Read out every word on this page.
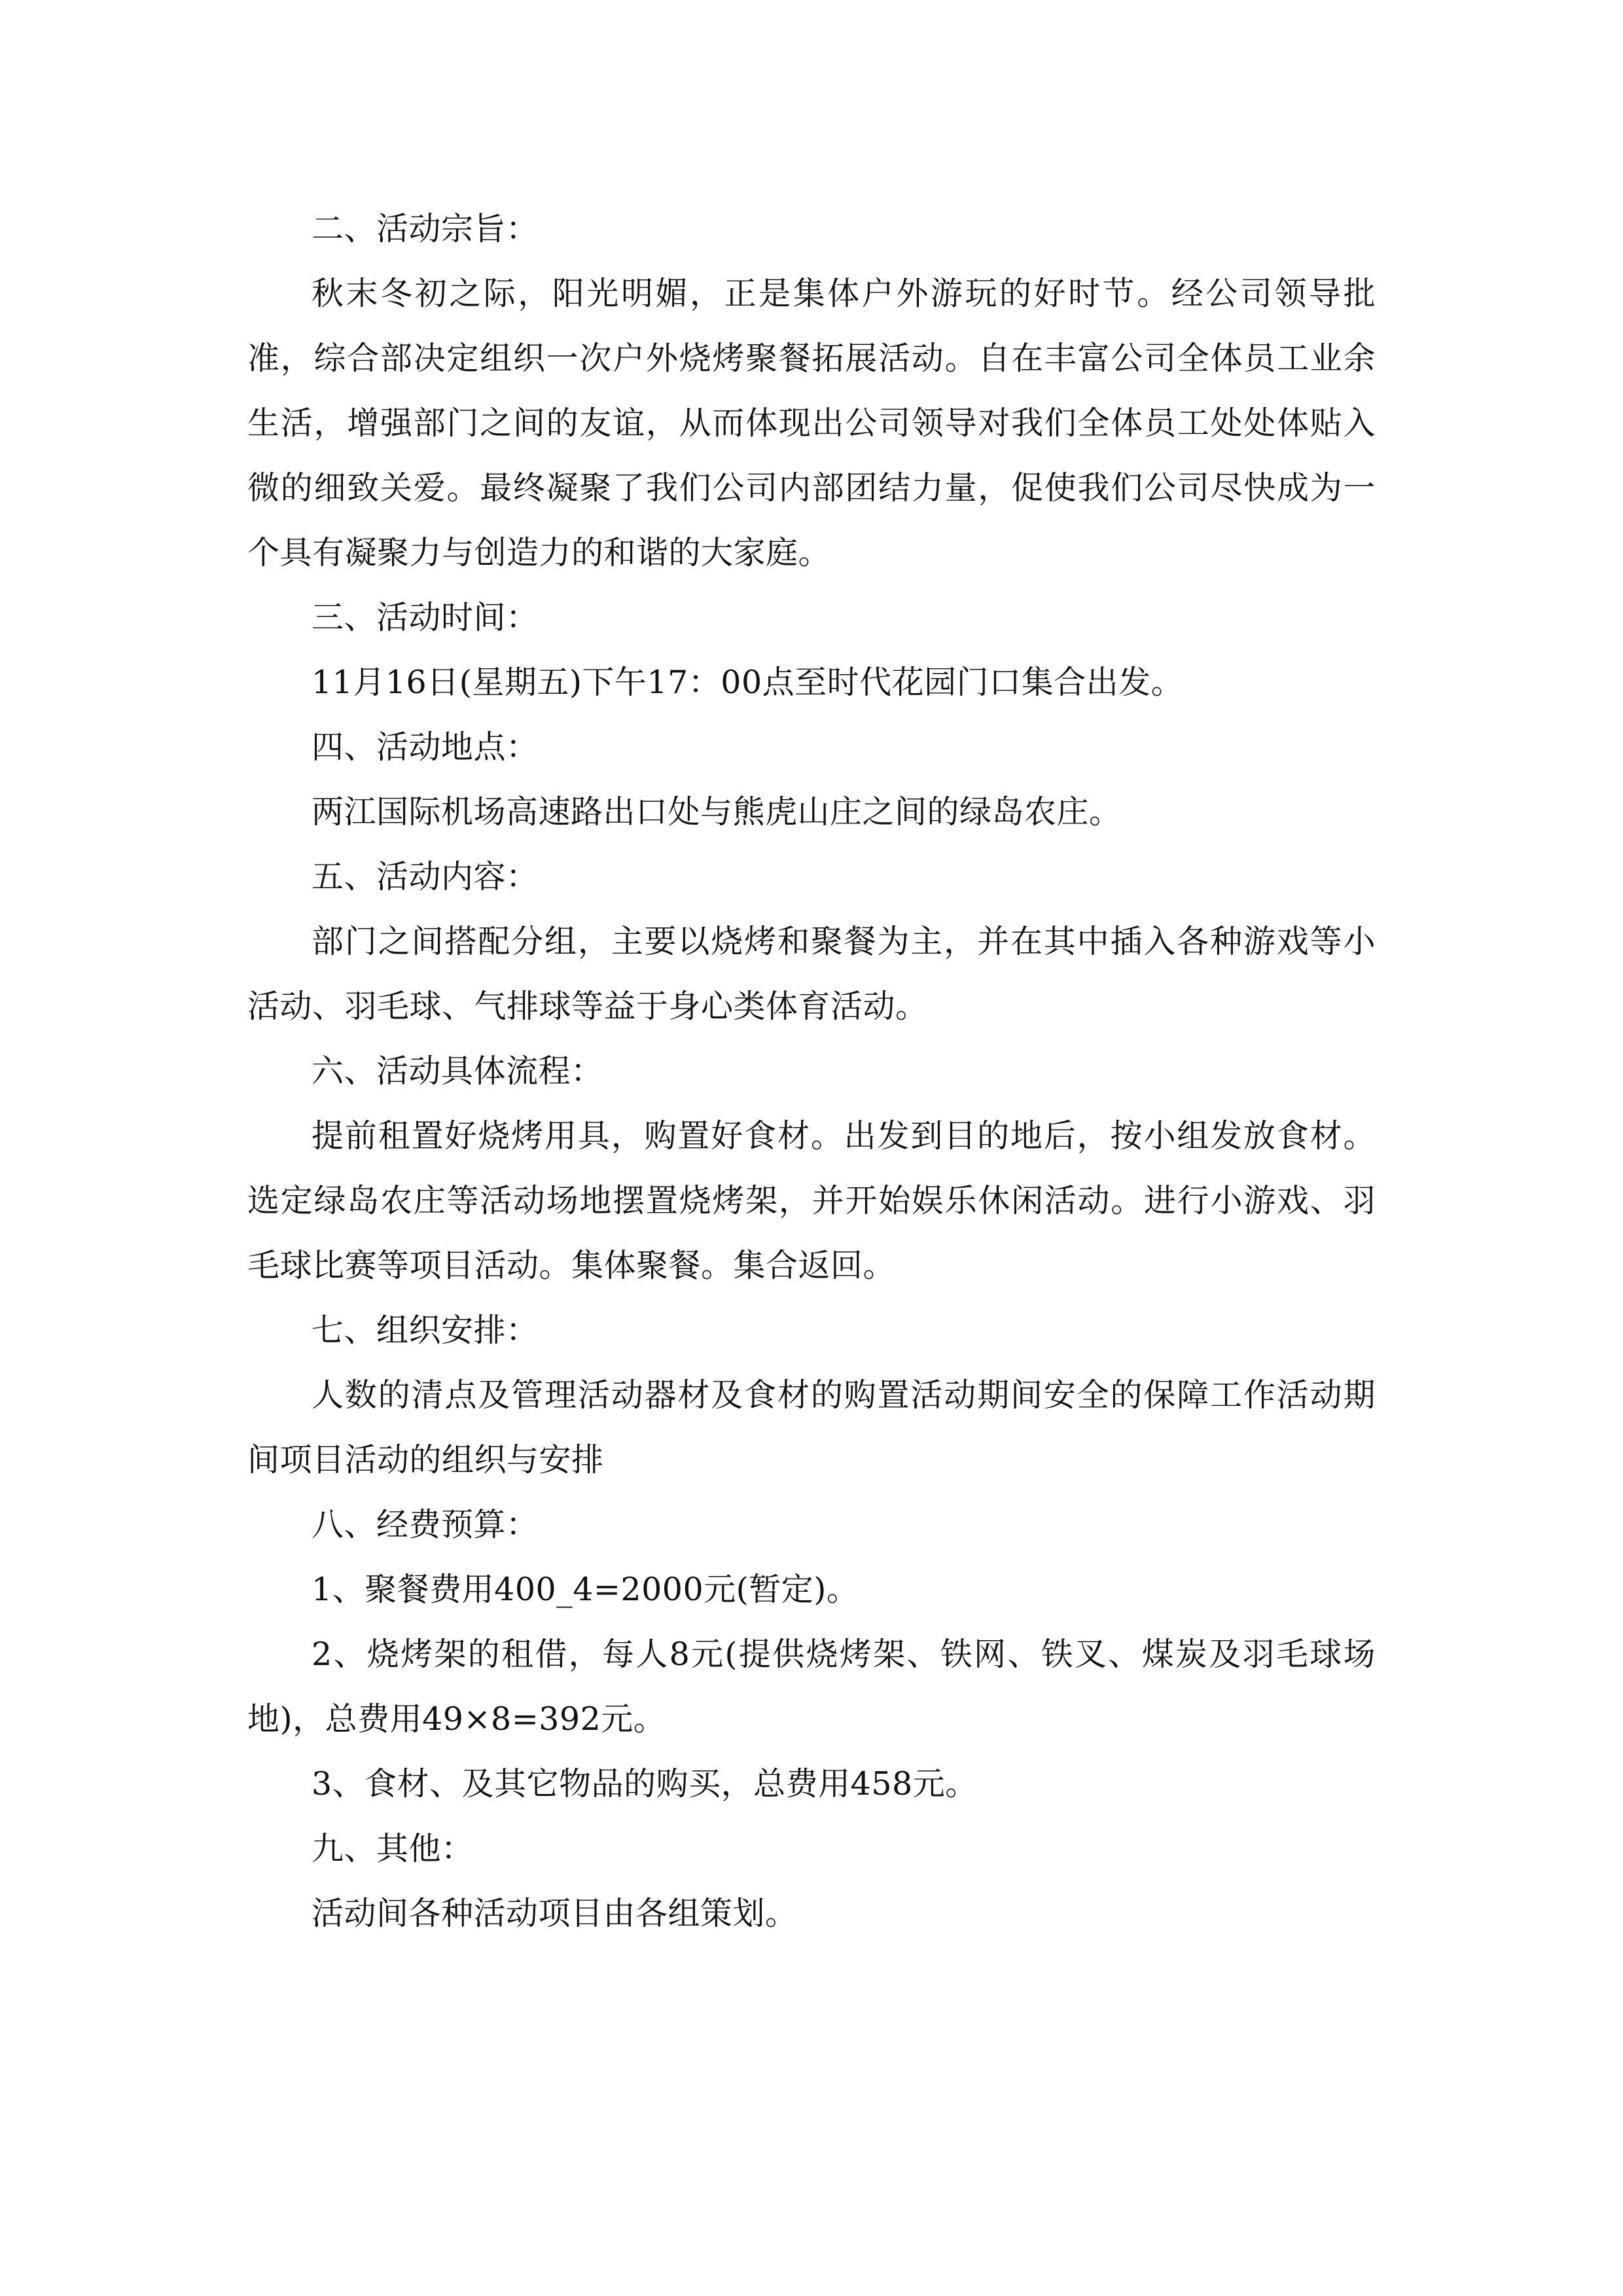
二、活动宗旨：

秋末冬初之际，阳光明媚，正是集体户外游玩的好时节。经公司领导批准，综合部决定组织一次户外烧烤聚餐拓展活动。自在丰富公司全体员工业余生活，增强部门之间的友谊，从而体现出公司领导对我们全体员工处处体贴入微的细致关爱。最终凝聚了我们公司内部团结力量，促使我们公司尽快成为一个具有凝聚力与创造力的和谐的大家庭。

三、活动时间：

11月16日(星期五)下午17：00点至时代花园门口集合出发。

四、活动地点：

两江国际机场高速路出口处与熊虎山庄之间的绿岛农庄。

五、活动内容：

部门之间搭配分组，主要以烧烤和聚餐为主，并在其中插入各种游戏等小活动、羽毛球、气排球等益于身心类体育活动。

六、活动具体流程：

提前租置好烧烤用具，购置好食材。出发到目的地后，按小组发放食材。选定绿岛农庄等活动场地摆置烧烤架，并开始娱乐休闲活动。进行小游戏、羽毛球比赛等项目活动。集体聚餐。集合返回。

七、组织安排：

人数的清点及管理活动器材及食材的购置活动期间安全的保障工作活动期间项目活动的组织与安排

八、经费预算：

1、聚餐费用400_4=2000元(暂定)。

2、烧烤架的租借，每人8元(提供烧烤架、铁网、铁叉、煤炭及羽毛球场地)，总费用49×8=392元。

3、食材、及其它物品的购买，总费用458元。

九、其他：

活动间各种活动项目由各组策划。
